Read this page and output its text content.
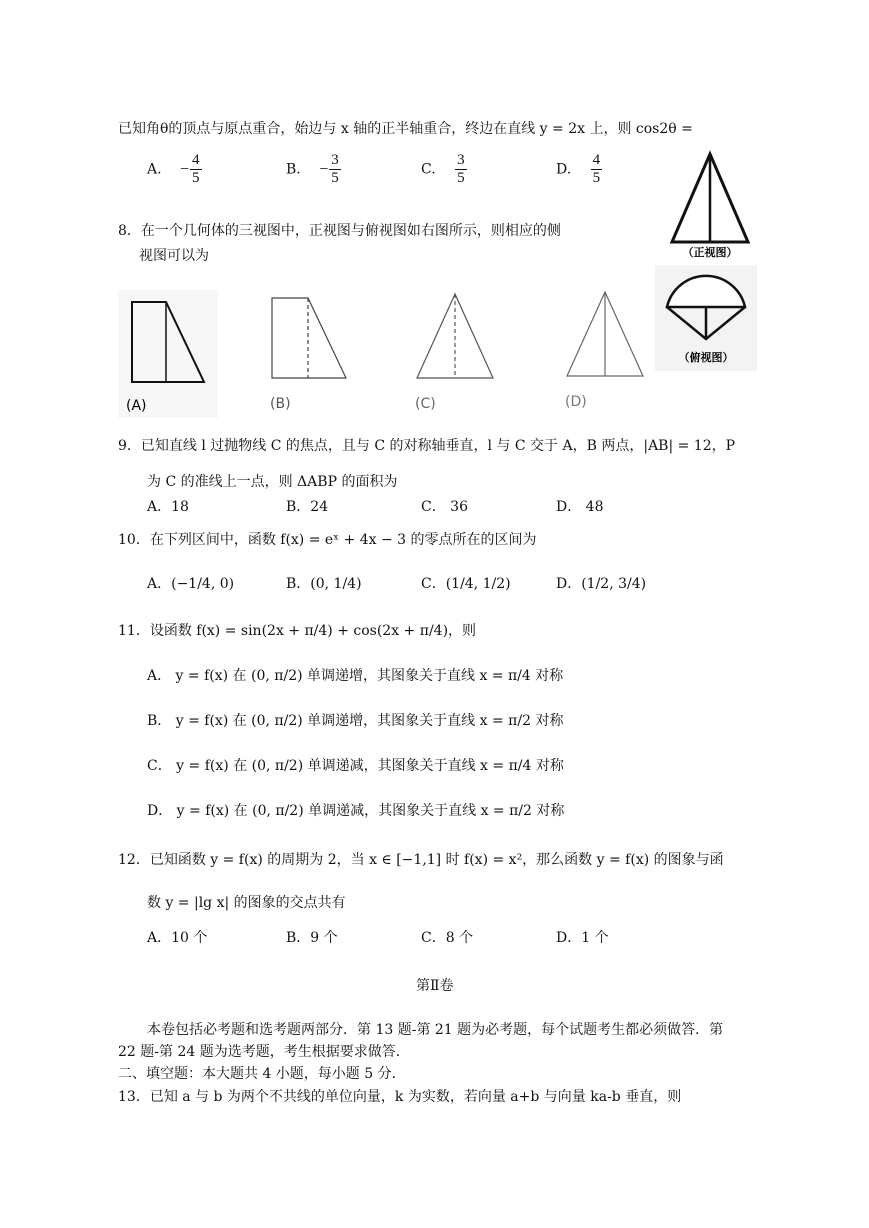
已知角θ的顶点与原点重合，始边与 x 轴的正半轴重合，终边在直线 y = 2x 上，则 cos2θ =
A. − $\frac{4}{5}$	B. − $\frac{3}{5}$	C. $\frac{3}{5}$	D. $\frac{4}{5}$
（正视图）
（俯视图）
8．在一个几何体的三视图中，正视图与俯视图如右图所示，则相应的侧
视图可以为
(A)	(B)	(C)	(D)
9．已知直线 l 过抛物线 C 的焦点，且与 C 的对称轴垂直，l 与 C 交于 A，B 两点，|AB| = 12，P
为 C 的准线上一点，则 ΔABP 的面积为
A．18	B．24	C． 36	D． 48
10．在下列区间中，函数 f(x) = eˣ + 4x − 3 的零点所在的区间为
A．(−1/4, 0)	B．(0, 1/4)	C．(1/4, 1/2)	D．(1/2, 3/4)
11．设函数 f(x) = sin(2x + π/4) + cos(2x + π/4)，则
A． y = f(x) 在 (0, π/2) 单调递增，其图象关于直线 x = π/4 对称
B． y = f(x) 在 (0, π/2) 单调递增，其图象关于直线 x = π/2 对称
C． y = f(x) 在 (0, π/2) 单调递减，其图象关于直线 x = π/4 对称
D． y = f(x) 在 (0, π/2) 单调递减，其图象关于直线 x = π/2 对称
12．已知函数 y = f(x) 的周期为 2，当 x ∈ [−1,1] 时 f(x) = x²，那么函数 y = f(x) 的图象与函
数 y = |lg x| 的图象的交点共有
A．10 个	B．9 个	C．8 个	D．1 个
第Ⅱ卷
本卷包括必考题和选考题两部分．第 13 题-第 21 题为必考题，每个试题考生都必须做答．第
22 题-第 24 题为选考题，考生根据要求做答．
二、填空题：本大题共 4 小题，每小题 5 分．
13．已知 a 与 b 为两个不共线的单位向量，k 为实数，若向量 a+b 与向量 ka-b 垂直，则
